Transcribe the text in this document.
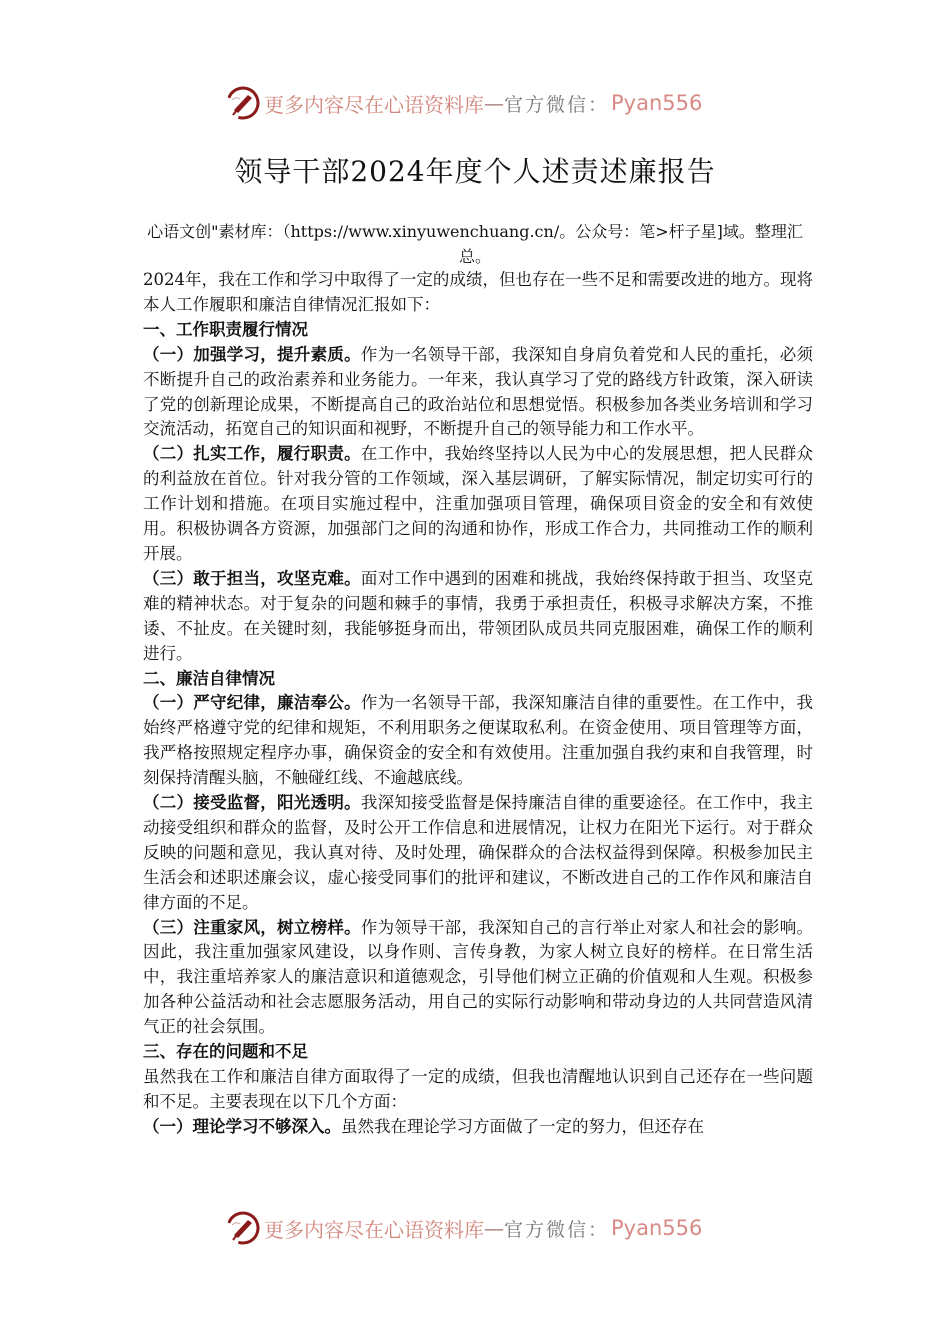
更多内容尽在心语资料库 — 官方微信： Pyan556
领导干部2024年度个人述责述廉报告
心语文创"素材库：（https://www.xinyuwenchuang.cn/。公众号：笔>杆子星]域。整理汇总。

2024年，我在工作和学习中取得了一定的成绩，但也存在一些不足和需要改进的地方。现将本人工作履职和廉洁自律情况汇报如下：

一、工作职责履行情况

（一）加强学习，提升素质。作为一名领导干部，我深知自身肩负着党和人民的重托，必须不断提升自己的政治素养和业务能力。一年来，我认真学习了党的路线方针政策，深入研读了党的创新理论成果，不断提高自己的政治站位和思想觉悟。积极参加各类业务培训和学习交流活动，拓宽自己的知识面和视野，不断提升自己的领导能力和工作水平。

（二）扎实工作，履行职责。在工作中，我始终坚持以人民为中心的发展思想，把人民群众的利益放在首位。针对我分管的工作领域，深入基层调研，了解实际情况，制定切实可行的工作计划和措施。在项目实施过程中，注重加强项目管理，确保项目资金的安全和有效使用。积极协调各方资源，加强部门之间的沟通和协作，形成工作合力，共同推动工作的顺利开展。

（三）敢于担当，攻坚克难。面对工作中遇到的困难和挑战，我始终保持敢于担当、攻坚克难的精神状态。对于复杂的问题和棘手的事情，我勇于承担责任，积极寻求解决方案，不推诿、不扯皮。在关键时刻，我能够挺身而出，带领团队成员共同克服困难，确保工作的顺利进行。

二、廉洁自律情况

（一）严守纪律，廉洁奉公。作为一名领导干部，我深知廉洁自律的重要性。在工作中，我始终严格遵守党的纪律和规矩，不利用职务之便谋取私利。在资金使用、项目管理等方面，我严格按照规定程序办事，确保资金的安全和有效使用。注重加强自我约束和自我管理，时刻保持清醒头脑，不触碰红线、不逾越底线。

（二）接受监督，阳光透明。我深知接受监督是保持廉洁自律的重要途径。在工作中，我主动接受组织和群众的监督，及时公开工作信息和进展情况，让权力在阳光下运行。对于群众反映的问题和意见，我认真对待、及时处理，确保群众的合法权益得到保障。积极参加民主生活会和述职述廉会议，虚心接受同事们的批评和建议，不断改进自己的工作作风和廉洁自律方面的不足。

（三）注重家风，树立榜样。作为领导干部，我深知自己的言行举止对家人和社会的影响。因此，我注重加强家风建设，以身作则、言传身教，为家人树立良好的榜样。在日常生活中，我注重培养家人的廉洁意识和道德观念，引导他们树立正确的价值观和人生观。积极参加各种公益活动和社会志愿服务活动，用自己的实际行动影响和带动身边的人共同营造风清气正的社会氛围。

三、存在的问题和不足

虽然我在工作和廉洁自律方面取得了一定的成绩，但我也清醒地认识到自己还存在一些问题和不足。主要表现在以下几个方面：

（一）理论学习不够深入。虽然我在理论学习方面做了一定的努力，但还存在

更多内容尽在心语资料库 — 官方微信： Pyan556
